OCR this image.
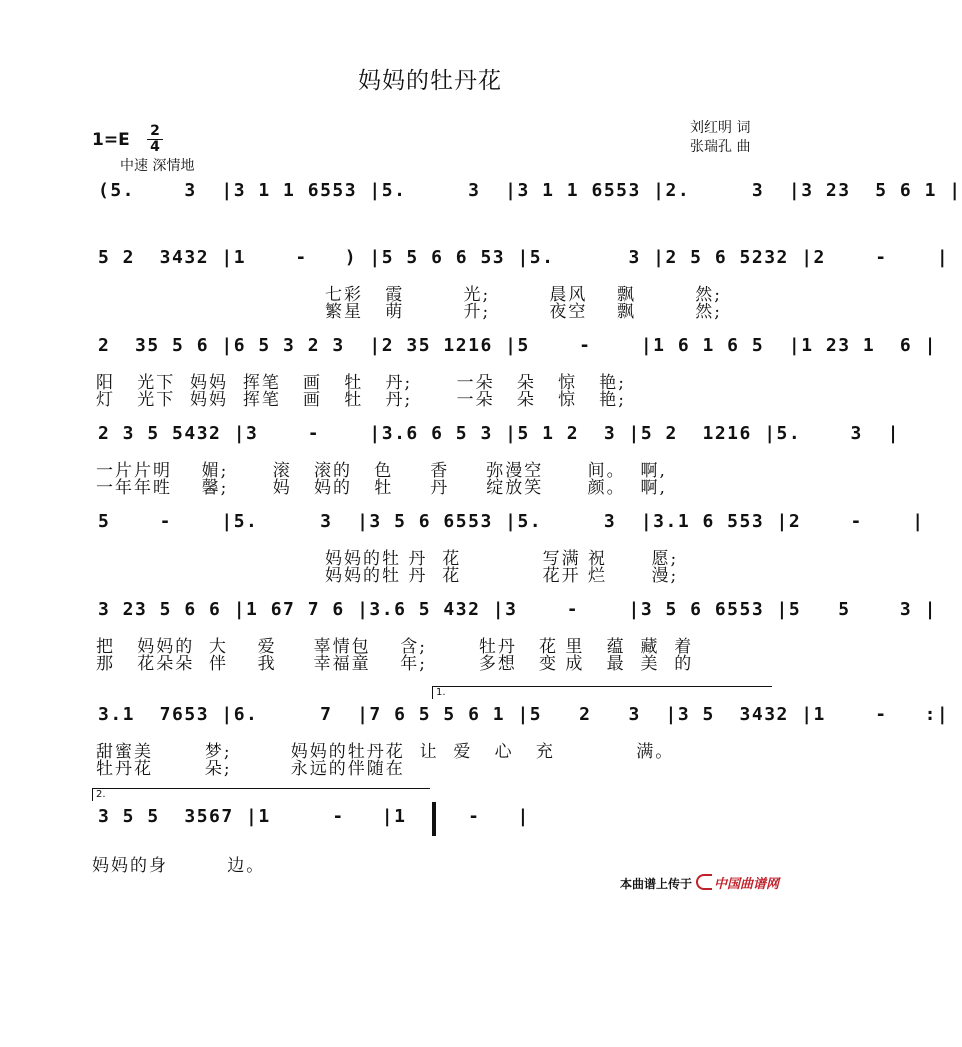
妈妈的牡丹花
1=E 2
4
中速 深情地
刘红明 词
张瑞孔 曲
(5.    3  |3 1 1 6553 |5.     3  |3 1 1 6553 |2.     3  |3 23  5 6 1 |
5 2  3432 |1    -   ) |5 5 6 6 53 |5.      3 |2 5 6 5232 |2    -    |
七彩   霞        光;        晨风    飘        然;
繁星   萌        升;        夜空    飘        然;
2  35 5 6 |6 5 3 2 3  |2 35 1216 |5    -    |1 6 1 6 5  |1 23 1  6 |
阳   光下  妈妈  挥笔   画   牡   丹;      一朵   朵   惊   艳;
灯   光下  妈妈  挥笔   画   牡   丹;      一朵   朵   惊   艳;
2 3 5 5432 |3    -    |3.6 6 5 3 |5 1 2  3 |5 2  1216 |5.    3  |
一片片明    媚;      滚   滚的   色     香     弥漫空      间。  啊,
一年年甠    馨;      妈   妈的   牡     丹     绽放笑      颜。  啊,
5    -    |5.     3  |3 5 6 6553 |5.     3  |3.1 6 553 |2    -    |
妈妈的牡 丹  花           写满 祝      愿;
妈妈的牡 丹  花           花开 烂      漫;
3 23 5 6 6 |1 67 7 6 |3.6 5 432 |3    -    |3 5 6 6553 |5   5    3 |
把   妈妈的  大    爱     辜情包    含;       牡丹   花 里   蕴  藏  着
那   花朵朵  伴    我     幸福童    年;       多想   变 成   最  美  的
1.
3.1  7653 |6.     7  |7 6 5 5 6 1 |5   2   3  |3 5  3432 |1    -   :|
甜蜜美       梦;        妈妈的牡丹花  让  爱   心   充           满。
牡丹花       朵;        永远的伴随在
2.
3 5 5  3567 |1     -   |1     -   |
妈妈的身        边。
本曲谱上传于 中国曲谱网
